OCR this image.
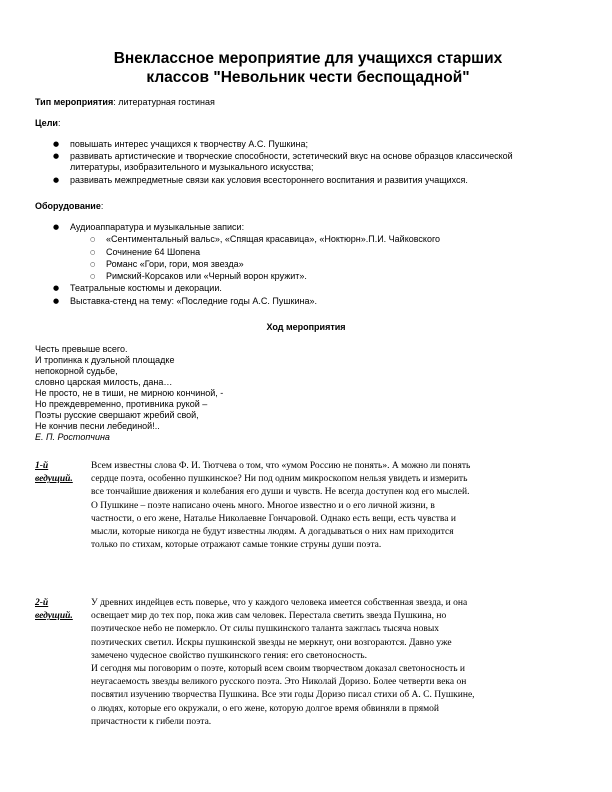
Внеклассное мероприятие для учащихся старших
классов "Невольник чести беспощадной"

Тип мероприятия: литературная гостиная

Цели:

● повышать интерес учащихся к творчеству А.С. Пушкина;

● развивать артистические и творческие способности, эстетический вкус на основе образцов классической

литературы, изобразительного и музыкального искусства;

● развивать межпредметные связи как условия всестороннего воспитания и развития учащихся.

Оборудование:

● Аудиоаппаратура и музыкальные записи:

○ «Сентиментальный вальс», «Спящая красавица», «Ноктюрн».П.И. Чайковского

○ Сочинение 64 Шопена

○ Романс «Гори, гори, моя звезда»

○ Римский-Корсаков или «Черный ворон кружит».

● Театральные костюмы и декорации.

● Выставка-стенд на тему: «Последние годы А.С. Пушкина».

Ход мероприятия

Честь превыше всего.
И тропинка к дуэльной площадке
непокорной судьбе,
словно царская милость, дана…
Не просто, не в тиши, не мирною кончиной, -
Но преждевременно, противника рукой –
Поэты русские свершают жребий свой,
Не кончив песни лебединой!..
Е. П. Ростопчина
1-й
ведущий.
Всем известны слова Ф. И. Тютчева о том, что «умом Россию не понять». А можно ли понять
сердце поэта, особенно пушкинское? Ни под одним микроскопом нельзя увидеть и измерить
все тончайшие движения и колебания его души и чувств. Не всегда доступен код его мыслей.
О Пушкине – поэте написано очень много. Многое известно и о его личной жизни, в
частности, о его жене, Наталье Николаевне Гончаровой. Однако есть вещи, есть чувства и
мысли, которые никогда не будут известны людям. А догадываться о них нам приходится
только по стихам, которые отражают самые тонкие струны души поэта.
2-й
ведущий.
У древних индейцев есть поверье, что у каждого человека имеется собственная звезда, и она
освещает мир до тех пор, пока жив сам человек. Перестала светить звезда Пушкина, но
поэтическое небо не померкло. От силы пушкинского таланта зажглась тысяча новых
поэтических светил. Искры пушкинской звезды не меркнут, они возгораются. Давно уже
замечено чудесное свойство пушкинского гения: его светоносность.
И сегодня мы поговорим о поэте, который всем своим творчеством доказал светоносность и
неугасаемость звезды великого русского поэта. Это Николай Доризо. Более четверти века он
посвятил изучению творчества Пушкина. Все эти годы Доризо писал стихи об А. С. Пушкине,
о людях, которые его окружали, о его жене, которую долгое время обвиняли в прямой
причастности к гибели поэта.
